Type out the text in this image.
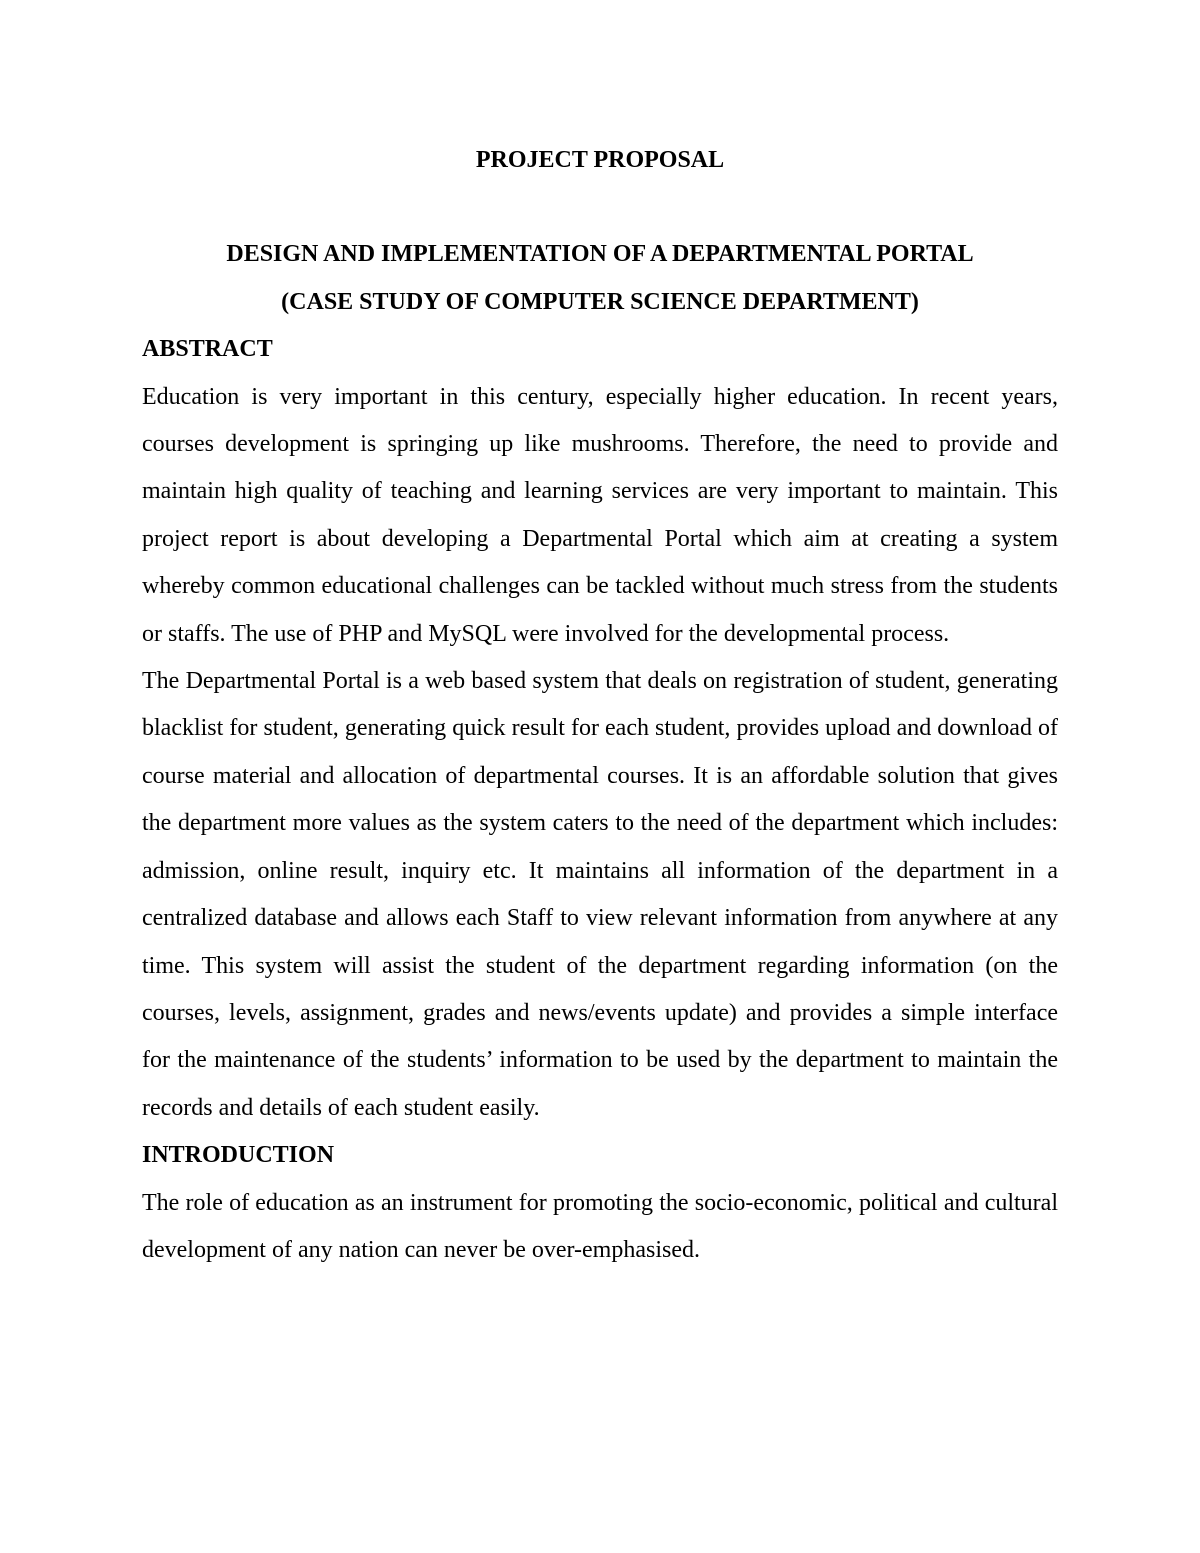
PROJECT PROPOSAL

DESIGN AND IMPLEMENTATION OF A DEPARTMENTAL PORTAL

(CASE STUDY OF COMPUTER SCIENCE DEPARTMENT)

ABSTRACT

Education is very important in this century, especially higher education. In recent years, courses development is springing up like mushrooms. Therefore, the need to provide and maintain high quality of teaching and learning services are very important to maintain. This project report is about developing a Departmental Portal which aim at creating a system whereby common educational challenges can be tackled without much stress from the students or staffs. The use of PHP and MySQL were involved for the developmental process.

The Departmental Portal is a web based system that deals on registration of student, generating blacklist for student, generating quick result for each student, provides upload and download of course material and allocation of departmental courses. It is an affordable solution that gives the department more values as the system caters to the need of the department which includes: admission, online result, inquiry etc. It maintains all information of the department in a centralized database and allows each Staff to view relevant information from anywhere at any time. This system will assist the student of the department regarding information (on the courses, levels, assignment, grades and news/events update) and provides a simple interface for the maintenance of the students’ information to be used by the department to maintain the records and details of each student easily.

INTRODUCTION

The role of education as an instrument for promoting the socio-economic, political and cultural development of any nation can never be over-emphasised.
